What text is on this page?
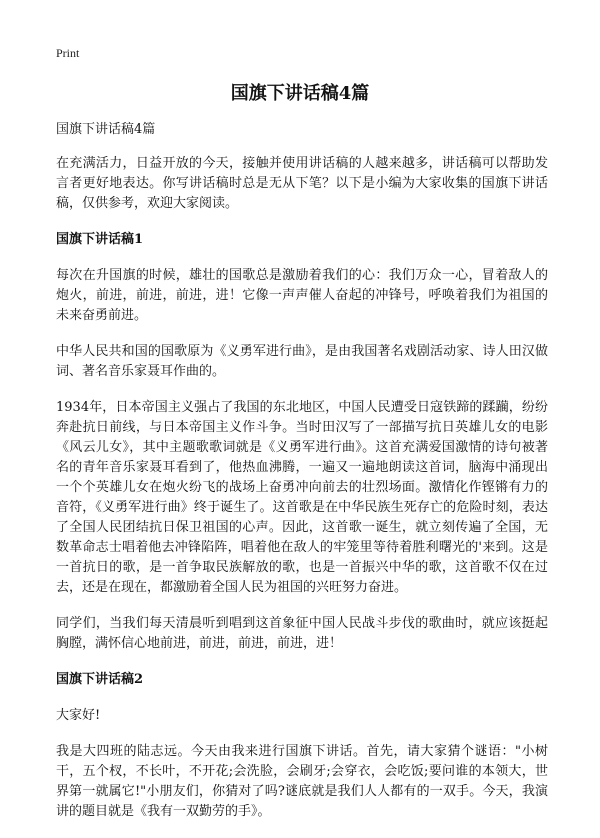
Print
国旗下讲话稿4篇

国旗下讲话稿4篇

在充满活力，日益开放的今天，接触并使用讲话稿的人越来越多，讲话稿可以帮助发言者更好地表达。你写讲话稿时总是无从下笔？以下是小编为大家收集的国旗下讲话稿，仅供参考，欢迎大家阅读。

国旗下讲话稿1

每次在升国旗的时候，雄壮的国歌总是激励着我们的心：我们万众一心，冒着敌人的炮火，前进，前进，前进，进！它像一声声催人奋起的冲锋号，呼唤着我们为祖国的未来奋勇前进。

中华人民共和国的国歌原为《义勇军进行曲》，是由我国著名戏剧活动家、诗人田汉做词、著名音乐家聂耳作曲的。

1934年，日本帝国主义强占了我国的东北地区，中国人民遭受日寇铁蹄的蹂躏，纷纷奔赴抗日前线，与日本帝国主义作斗争。当时田汉写了一部描写抗日英雄儿女的电影《风云儿女》，其中主题歌歌词就是《义勇军进行曲》。这首充满爱国激情的诗句被著名的青年音乐家聂耳看到了，他热血沸腾，一遍又一遍地朗读这首词，脑海中涌现出一个个英雄儿女在炮火纷飞的战场上奋勇冲向前去的壮烈场面。激情化作铿锵有力的音符，《义勇军进行曲》终于诞生了。这首歌是在中华民族生死存亡的危险时刻，表达了全国人民团结抗日保卫祖国的心声。因此，这首歌一诞生，就立刻传遍了全国，无数革命志士唱着他去冲锋陷阵，唱着他在敌人的牢笼里等待着胜利曙光的'来到。这是一首抗日的歌，是一首争取民族解放的歌，也是一首振兴中华的歌，这首歌不仅在过去，还是在现在，都激励着全国人民为祖国的兴旺努力奋进。

同学们，当我们每天清晨听到唱到这首象征中国人民战斗步伐的歌曲时，就应该挺起胸膛，满怀信心地前进，前进，前进，前进，进！

国旗下讲话稿2

大家好!

我是大四班的陆志远。今天由我来进行国旗下讲话。首先，请大家猜个谜语："小树干，五个杈，不长叶，不开花;会洗脸，会刷牙;会穿衣，会吃饭;要问谁的本领大，世界第一就属它!"小朋友们，你猜对了吗?谜底就是我们人人都有的一双手。今天，我演讲的题目就是《我有一双勤劳的手》。
